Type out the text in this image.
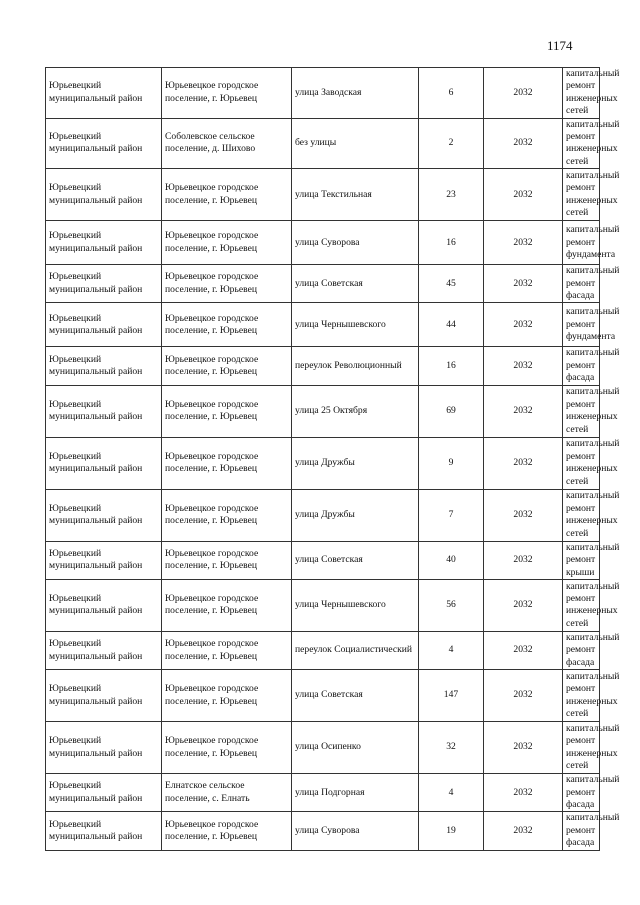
1174
Юрьевецкий муниципальный район	Юрьевецкое городское поселение, г. Юрьевец	улица Заводская	6	2032	капитальный ремонт инженерных сетей
Юрьевецкий муниципальный район	Соболевское сельское поселение, д. Шихово	без улицы	2	2032	капитальный ремонт инженерных сетей
Юрьевецкий муниципальный район	Юрьевецкое городское поселение, г. Юрьевец	улица Текстильная	23	2032	капитальный ремонт инженерных сетей
Юрьевецкий муниципальный район	Юрьевецкое городское поселение, г. Юрьевец	улица Суворова	16	2032	капитальный ремонт фундамента
Юрьевецкий муниципальный район	Юрьевецкое городское поселение, г. Юрьевец	улица Советская	45	2032	капитальный ремонт фасада
Юрьевецкий муниципальный район	Юрьевецкое городское поселение, г. Юрьевец	улица Чернышевского	44	2032	капитальный ремонт фундамента
Юрьевецкий муниципальный район	Юрьевецкое городское поселение, г. Юрьевец	переулок Революционный	16	2032	капитальный ремонт фасада
Юрьевецкий муниципальный район	Юрьевецкое городское поселение, г. Юрьевец	улица 25 Октября	69	2032	капитальный ремонт инженерных сетей
Юрьевецкий муниципальный район	Юрьевецкое городское поселение, г. Юрьевец	улица Дружбы	9	2032	капитальный ремонт инженерных сетей
Юрьевецкий муниципальный район	Юрьевецкое городское поселение, г. Юрьевец	улица Дружбы	7	2032	капитальный ремонт инженерных сетей
Юрьевецкий муниципальный район	Юрьевецкое городское поселение, г. Юрьевец	улица Советская	40	2032	капитальный ремонт крыши
Юрьевецкий муниципальный район	Юрьевецкое городское поселение, г. Юрьевец	улица Чернышевского	56	2032	капитальный ремонт инженерных сетей
Юрьевецкий муниципальный район	Юрьевецкое городское поселение, г. Юрьевец	переулок Социалистический	4	2032	капитальный ремонт фасада
Юрьевецкий муниципальный район	Юрьевецкое городское поселение, г. Юрьевец	улица Советская	147	2032	капитальный ремонт инженерных сетей
Юрьевецкий муниципальный район	Юрьевецкое городское поселение, г. Юрьевец	улица Осипенко	32	2032	капитальный ремонт инженерных сетей
Юрьевецкий муниципальный район	Елнатское сельское поселение, с. Елнать	улица Подгорная	4	2032	капитальный ремонт фасада
Юрьевецкий муниципальный район	Юрьевецкое городское поселение, г. Юрьевец	улица Суворова	19	2032	капитальный ремонт фасада
